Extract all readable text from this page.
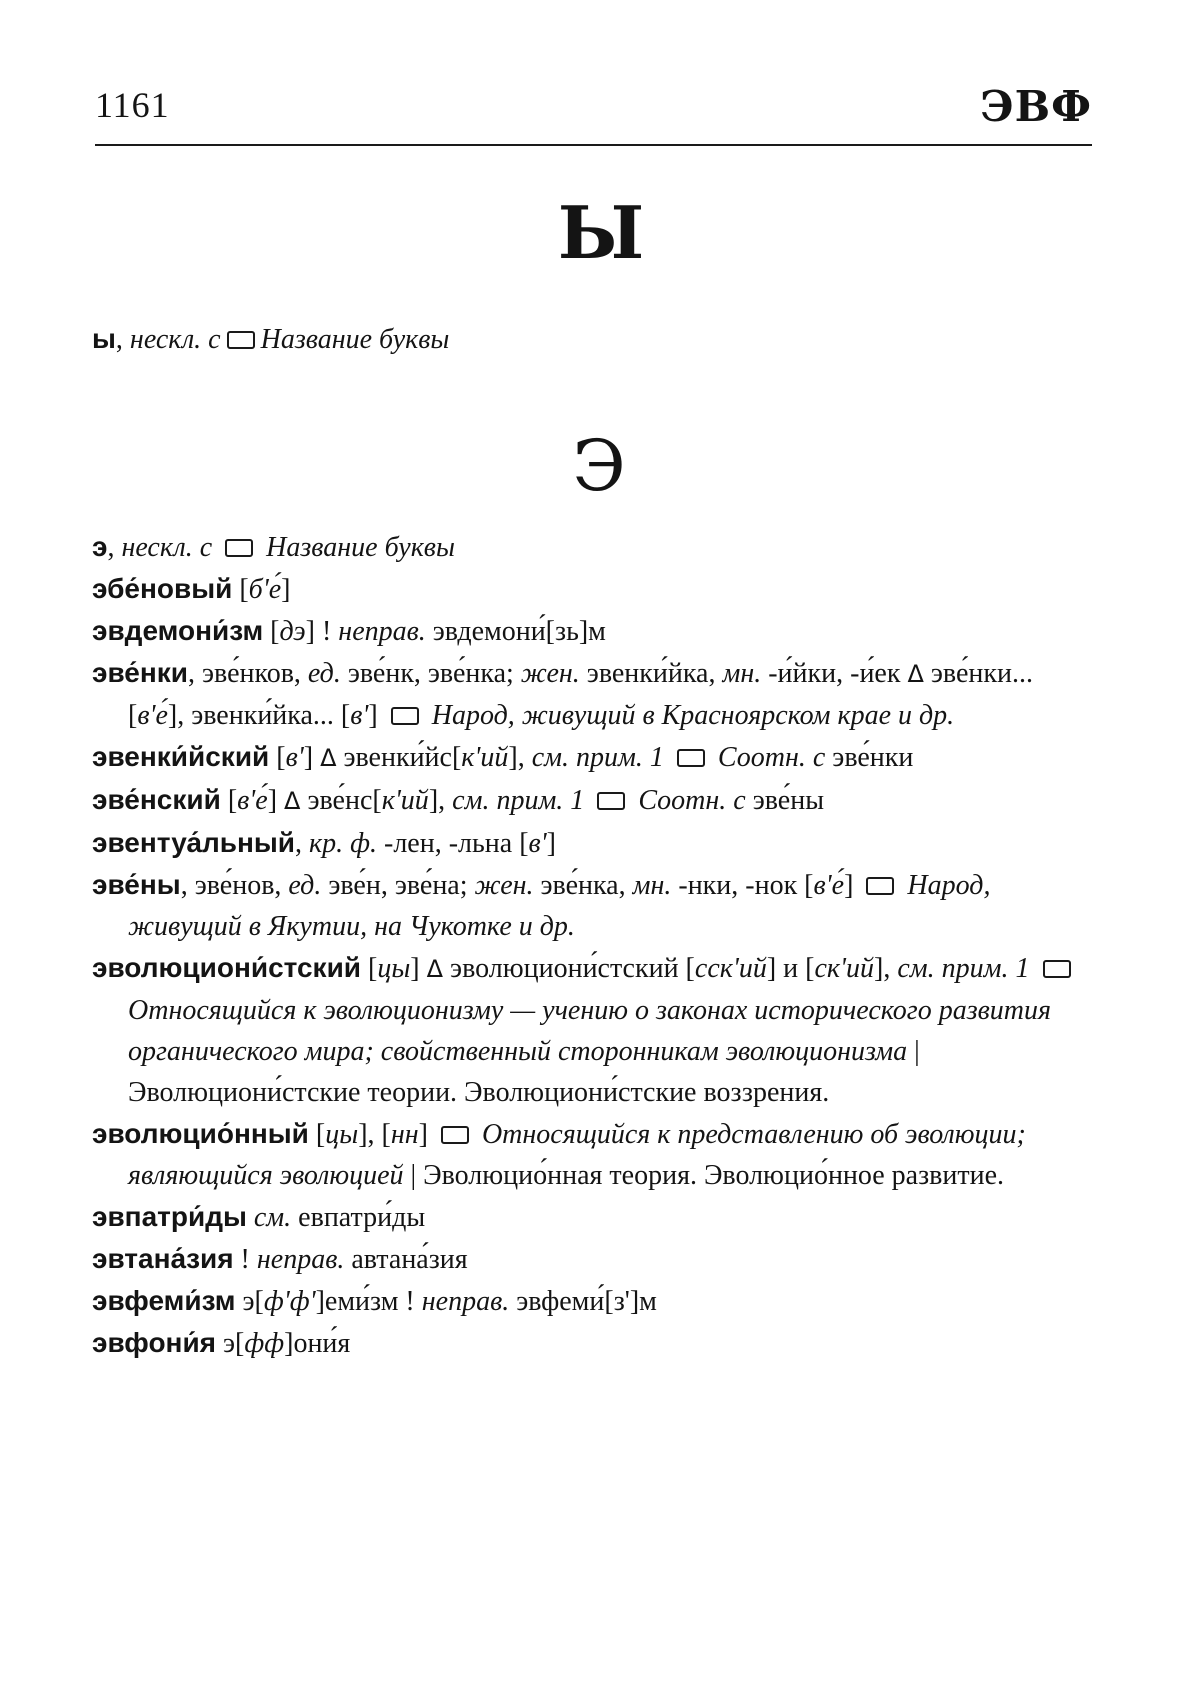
1161	ЭВФ
Ы
ы, нескл. с Название буквы
Э

э, нескл. с Название буквы

эбе́новый [б'е́]

эвдемони́зм [дэ] ! неправ. эвдемони́[зь]м

эве́нки, эве́нков, ед. эве́нк, эве́нка; жен. эвенки́йка, мн. -и́йки, -и́ек Δ эве́нки... [в'е́], эвенки́йка... [в'] Народ, живущий в Красноярском крае и др.

эвенки́йский [в'] Δ эвенки́йс[к'ий], см. прим. 1 Соотн. с эве́нки

эве́нский [в'е́] Δ эве́нс[к'ий], см. прим. 1 Соотн. с эве́ны

эвентуа́льный, кр. ф. -лен, -льна [в']

эве́ны, эве́нов, ед. эве́н, эве́на; жен. эве́нка, мн. -нки, -нок [в'е́] Народ, живущий в Якутии, на Чукотке и др.

эволюциони́стский [цы] Δ эволюциони́стский [сск'ий] и [ск'ий], см. прим. 1  Относящийся к эволюционизму — учению о законах исторического развития органического мира; свойственный сторонникам эволюционизма | Эволюциони́стские теории. Эволюциони́стские воззрения.

эволюцио́нный [цы], [нн] Относящийся к представлению об эволюции; являющийся эволюцией | Эволюцио́нная теория. Эволюцио́нное развитие.

эвпатри́ды см. евпатри́ды

эвтана́зия ! неправ. автана́зия

эвфеми́зм э[ф'ф']еми́зм ! неправ. эвфеми́[з']м

эвфони́я э[фф]они́я
